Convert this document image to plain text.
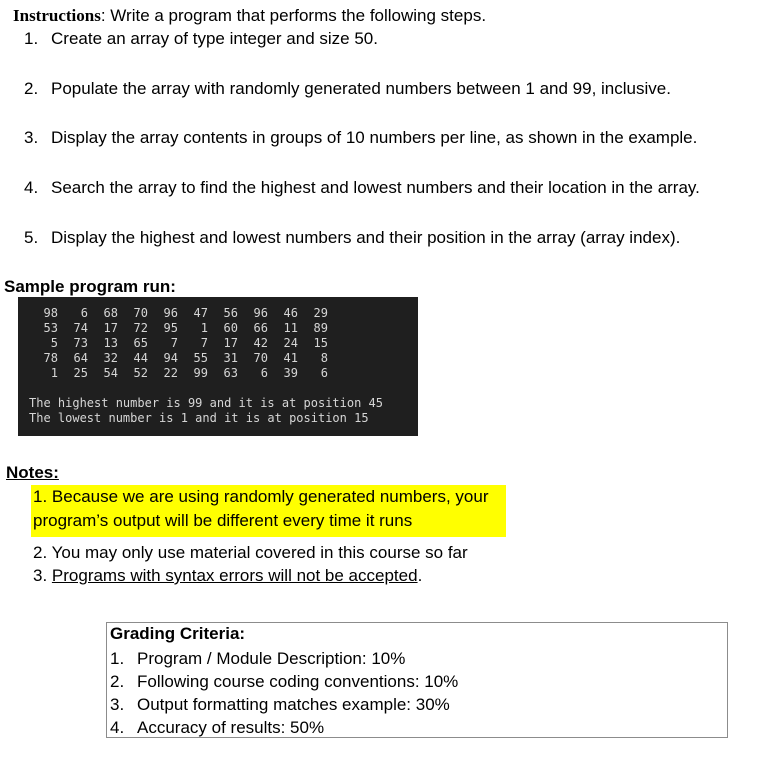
Instructions: Write a program that performs the following steps.
1. Create an array of type integer and size 50.
2. Populate the array with randomly generated numbers between 1 and 99, inclusive.
3. Display the array contents in groups of 10 numbers per line, as shown in the example.
4. Search the array to find the highest and lowest numbers and their location in the array.
5. Display the highest and lowest numbers and their position in the array (array index).
Sample program run:
98	6	68	70	96	47	56	96	46	29
53	74	17	72	95	1	60	66	11	89
5	73	13	65	7	7	17	42	24	15
78	64	32	44	94	55	31	70	41	8
1	25	54	52	22	99	63	6	39	6
The highest number is 99 and it is at position 45
The lowest number is 1 and it is at position 15
Notes:
1. Because we are using randomly generated numbers, your
program’s output will be different every time it runs
2. You may only use material covered in this course so far
3. Programs with syntax errors will not be accepted.
Grading Criteria:
1. Program / Module Description: 10%
2. Following course coding conventions: 10%
3. Output formatting matches example: 30%
4. Accuracy of results: 50%
